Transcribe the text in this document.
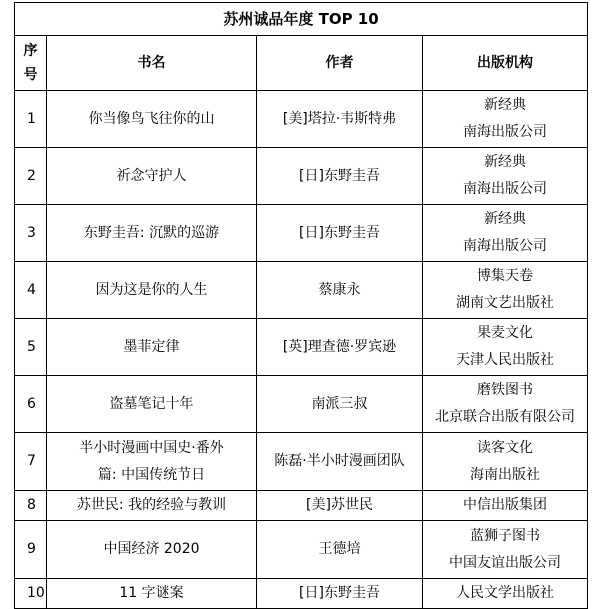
苏州诚品年度 TOP 10			

序
号	书名	作者	出版机构
1	你当像鸟飞往你的山	[美]塔拉·韦斯特弗	新经典
南海出版公司

2	祈念守护人	[日]东野圭吾	新经典
南海出版公司

3	东野圭吾: 沉默的巡游	[日]东野圭吾	新经典
南海出版公司

4	因为这是你的人生	蔡康永	博集天卷
湖南文艺出版社

5	墨菲定律	[英]理查德·罗宾逊	果麦文化
天津人民出版社

6	盗墓笔记十年	南派三叔	磨铁图书
北京联合出版有限公司

7	半小时漫画中国史·番外
篇: 中国传统节日	陈磊·半小时漫画团队	读客文化
海南出版社

8	苏世民: 我的经验与教训	[美]苏世民	中信出版集团

9	中国经济 2020	王德培	蓝狮子图书
中国友谊出版公司

10	11 字谜案	[日]东野圭吾	人民文学出版社
